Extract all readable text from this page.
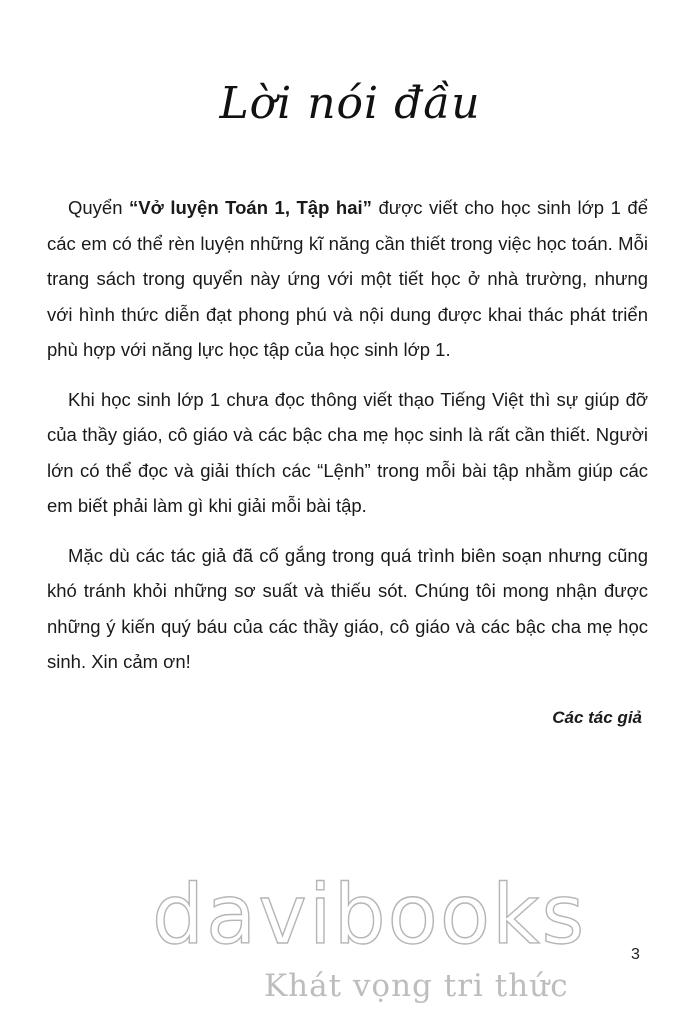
Lời nói đầu

Quyển “Vở luyện Toán 1, Tập hai” được viết cho học sinh lớp 1 để các em có thể rèn luyện những kĩ năng cần thiết trong việc học toán. Mỗi trang sách trong quyển này ứng với một tiết học ở nhà trường, nhưng với hình thức diễn đạt phong phú và nội dung được khai thác phát triển phù hợp với năng lực học tập của học sinh lớp 1.

Khi học sinh lớp 1 chưa đọc thông viết thạo Tiếng Việt thì sự giúp đỡ của thầy giáo, cô giáo và các bậc cha mẹ học sinh là rất cần thiết. Người lớn có thể đọc và giải thích các “Lệnh” trong mỗi bài tập nhằm giúp các em biết phải làm gì khi giải mỗi bài tập.

Mặc dù các tác giả đã cố gắng trong quá trình biên soạn nhưng cũng khó tránh khỏi những sơ suất và thiếu sót. Chúng tôi mong nhận được những ý kiến quý báu của các thầy giáo, cô giáo và các bậc cha mẹ học sinh. Xin cảm ơn!

Các tác giả
davibooks
Khát vọng tri thức
3
